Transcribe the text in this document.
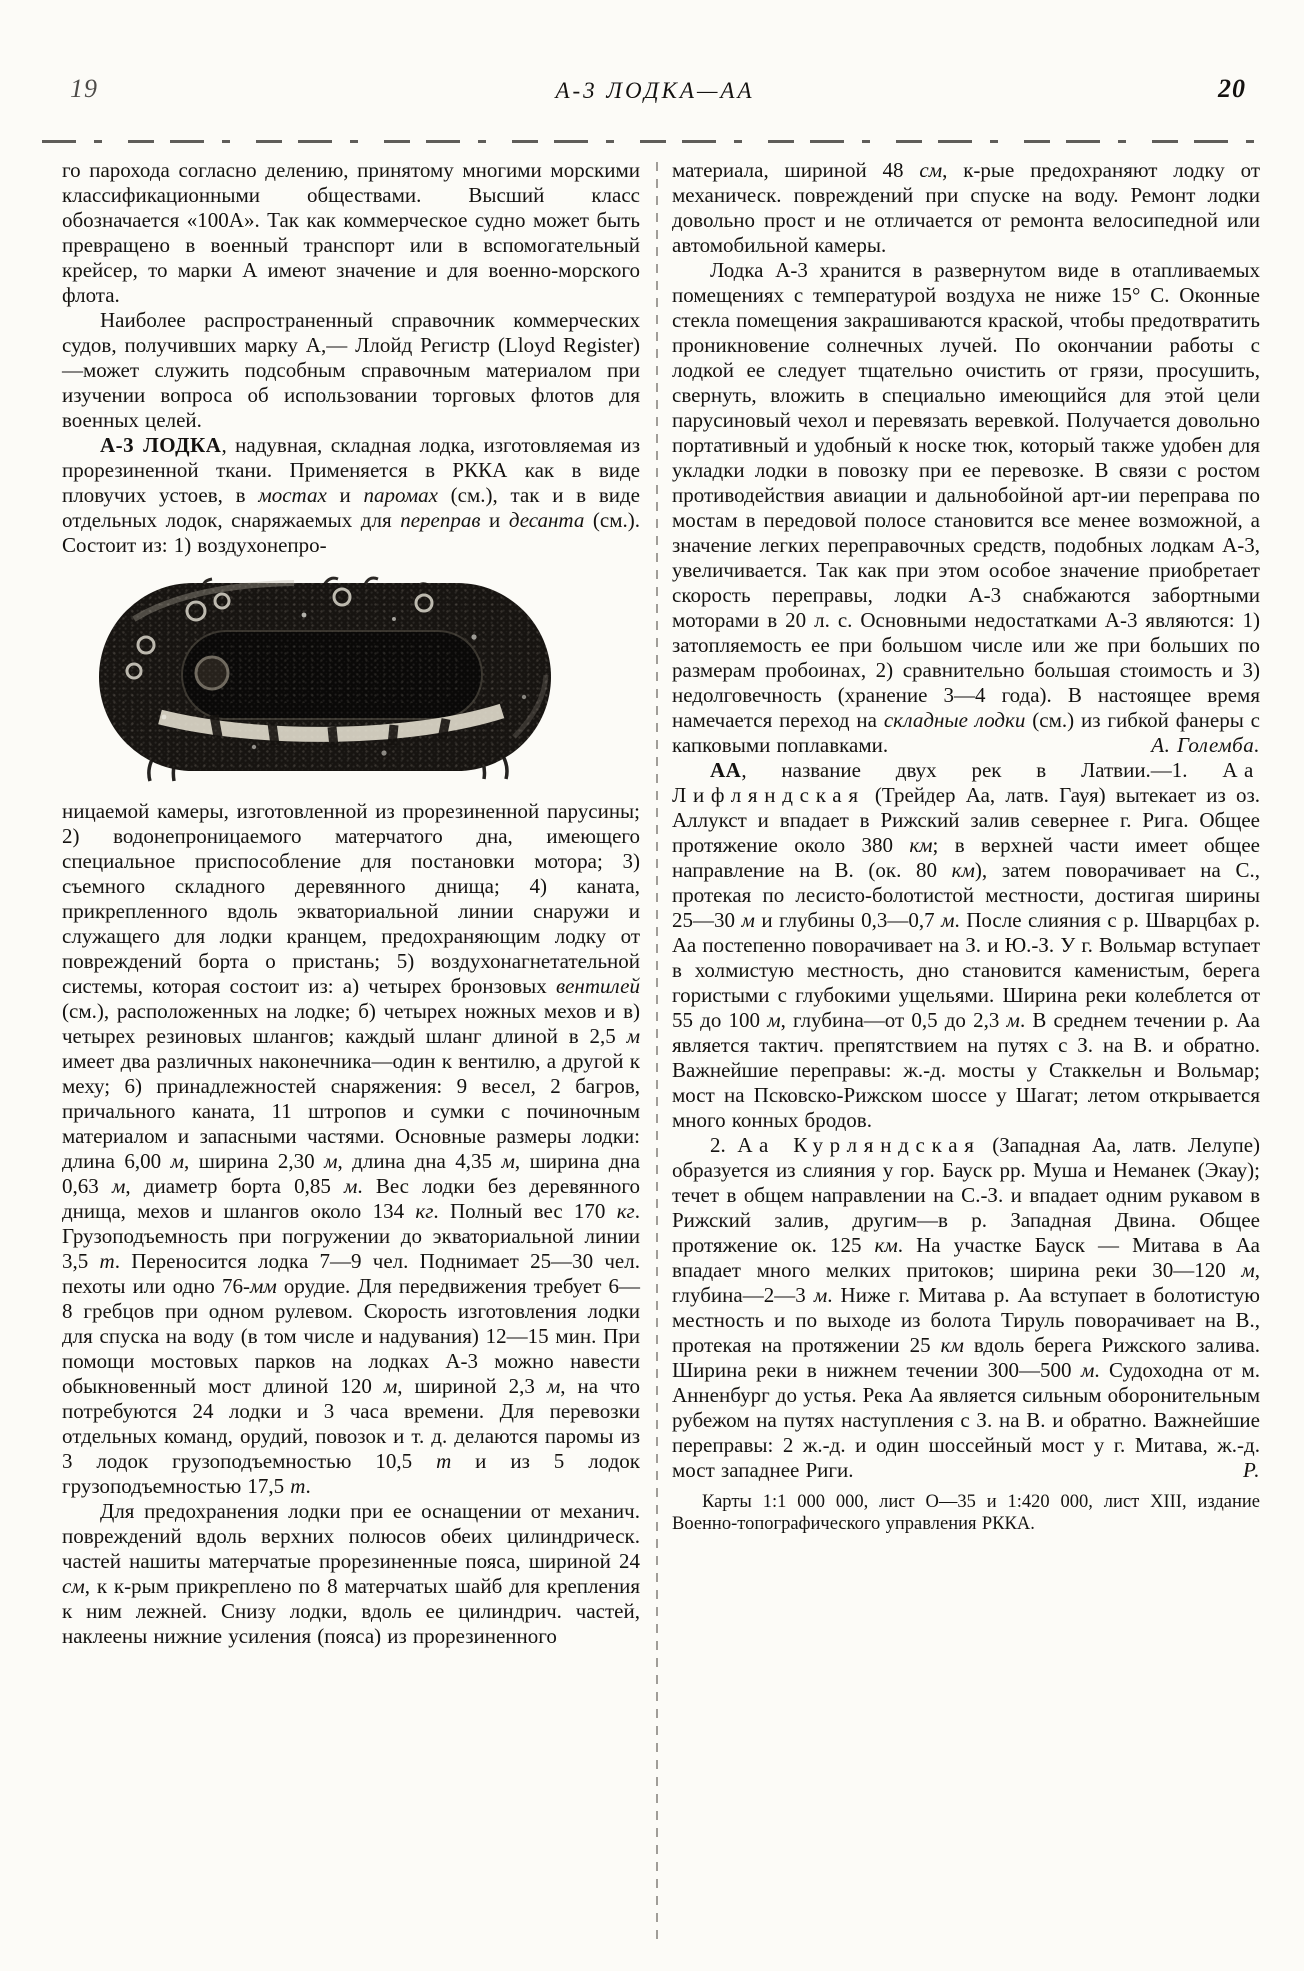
19	А-3 ЛОДКА—АА	20

го парохода согласно делению, принятому многими морскими классификационными обществами. Высший класс обозначается «100А». Так как коммерческое судно может быть превращено в военный транспорт или в вспомогательный крейсер, то марки А имеют значение и для военно-морского флота.

Наиболее распространенный справочник коммерческих судов, получивших марку А,— Ллойд Регистр (Lloyd Register)—может служить подсобным справочным материалом при изучении вопроса об использовании торговых флотов для военных целей.

А-3 ЛОДКА, надувная, складная лодка, изготовляемая из прорезиненной ткани. Применяется в РККА как в виде пловучих устоев, в мостах и паромах (см.), так и в виде отдельных лодок, снаряжаемых для переправ и десанта (см.). Состоит из: 1) воздухонепро-

ницаемой камеры, изготовленной из прорезиненной парусины; 2) водонепроницаемого матерчатого дна, имеющего специальное приспособление для постановки мотора; 3) съемного складного деревянного днища; 4) каната, прикрепленного вдоль экваториальной линии снаружи и служащего для лодки кранцем, предохраняющим лодку от повреждений борта о пристань; 5) воздухонагнетательной системы, которая состоит из: а) четырех бронзовых вентилей (см.), расположенных на лодке; б) четырех ножных мехов и в) четырех резиновых шлангов; каждый шланг длиной в 2,5 м имеет два различных наконечника—один к вентилю, а другой к меху; 6) принадлежностей снаряжения: 9 весел, 2 багров, причального каната, 11 штропов и сумки с починочным материалом и запасными частями. Основные размеры лодки: длина 6,00 м, ширина 2,30 м, длина дна 4,35 м, ширина дна 0,63 м, диаметр борта 0,85 м. Вес лодки без деревянного днища, мехов и шлангов около 134 кг. Полный вес 170 кг. Грузоподъемность при погружении до экваториальной линии 3,5 т. Переносится лодка 7—9 чел. Поднимает 25—30 чел. пехоты или одно 76-мм орудие. Для передвижения требует 6—8 гребцов при одном рулевом. Скорость изготовления лодки для спуска на воду (в том числе и надувания) 12—15 мин. При помощи мостовых парков на лодках А-3 можно навести обыкновенный мост длиной 120 м, шириной 2,3 м, на что потребуются 24 лодки и 3 часа времени. Для перевозки отдельных команд, орудий, повозок и т. д. делаются паромы из 3 лодок грузоподъемностью 10,5 т и из 5 лодок грузоподъемностью 17,5 т.

Для предохранения лодки при ее оснащении от механич. повреждений вдоль верхних полюсов обеих цилиндрическ. частей нашиты матерчатые прорезиненные пояса, шириной 24 см, к к-рым прикреплено по 8 матерчатых шайб для крепления к ним лежней. Снизу лодки, вдоль ее цилиндрич. частей, наклеены нижние усиления (пояса) из прорезиненного

материала, шириной 48 см, к-рые предохраняют лодку от механическ. повреждений при спуске на воду. Ремонт лодки довольно прост и не отличается от ремонта велосипедной или автомобильной камеры.

Лодка А-3 хранится в развернутом виде в отапливаемых помещениях с температурой воздуха не ниже 15° С. Оконные стекла помещения закрашиваются краской, чтобы предотвратить проникновение солнечных лучей. По окончании работы с лодкой ее следует тщательно очистить от грязи, просушить, свернуть, вложить в специально имеющийся для этой цели парусиновый чехол и перевязать веревкой. Получается довольно портативный и удобный к носке тюк, который также удобен для укладки лодки в повозку при ее перевозке. В связи с ростом противодействия авиации и дальнобойной арт-ии переправа по мостам в передовой полосе становится все менее возможной, а значение легких переправочных средств, подобных лодкам А-3, увеличивается. Так как при этом особое значение приобретает скорость переправы, лодки А-3 снабжаются забортными моторами в 20 л. с. Основными недостатками А-3 являются: 1) затопляемость ее при большом числе или же при больших по размерам пробоинах, 2) сравнительно большая стоимость и 3) недолговечность (хранение 3—4 года). В настоящее время намечается переход на складные лодки (см.) из гибкой фанеры с капковыми поплавками.	А. Големба.

АА, название двух рек в Латвии.—1. Аа Лифляндская (Трейдер Аа, латв. Гауя) вытекает из оз. Аллукст и впадает в Рижский залив севернее г. Рига. Общее протяжение около 380 км; в верхней части имеет общее направление на В. (ок. 80 км), затем поворачивает на С., протекая по лесисто-болотистой местности, достигая ширины 25—30 м и глубины 0,3—0,7 м. После слияния с р. Шварцбах р. Аа постепенно поворачивает на З. и Ю.-З. У г. Вольмар вступает в холмистую местность, дно становится каменистым, берега гористыми с глубокими ущельями. Ширина реки колеблется от 55 до 100 м, глубина—от 0,5 до 2,3 м. В среднем течении р. Аа является тактич. препятствием на путях с З. на В. и обратно. Важнейшие переправы: ж.-д. мосты у Стаккельн и Вольмар; мост на Псковско-Рижском шоссе у Шагат; летом открывается много конных бродов.

2. Аа Курляндская (Западная Аа, латв. Лелупе) образуется из слияния у гор. Бауск рр. Муша и Неманек (Экау); течет в общем направлении на С.-З. и впадает одним рукавом в Рижский залив, другим—в р. Западная Двина. Общее протяжение ок. 125 км. На участке Бауск — Митава в Аа впадает много мелких притоков; ширина реки 30—120 м, глубина—2—3 м. Ниже г. Митава р. Аа вступает в болотистую местность и по выходе из болота Тируль поворачивает на В., протекая на протяжении 25 км вдоль берега Рижского залива. Ширина реки в нижнем течении 300—500 м. Судоходна от м. Анненбург до устья. Река Аа является сильным оборонительным рубежом на путях наступления с З. на В. и обратно. Важнейшие переправы: 2 ж.-д. и один шоссейный мост у г. Митава, ж.-д. мост западнее Риги.	Р.

Карты 1:1 000 000, лист О—35 и 1:420 000, лист XIII, издание Военно-топографического управления РККА.
